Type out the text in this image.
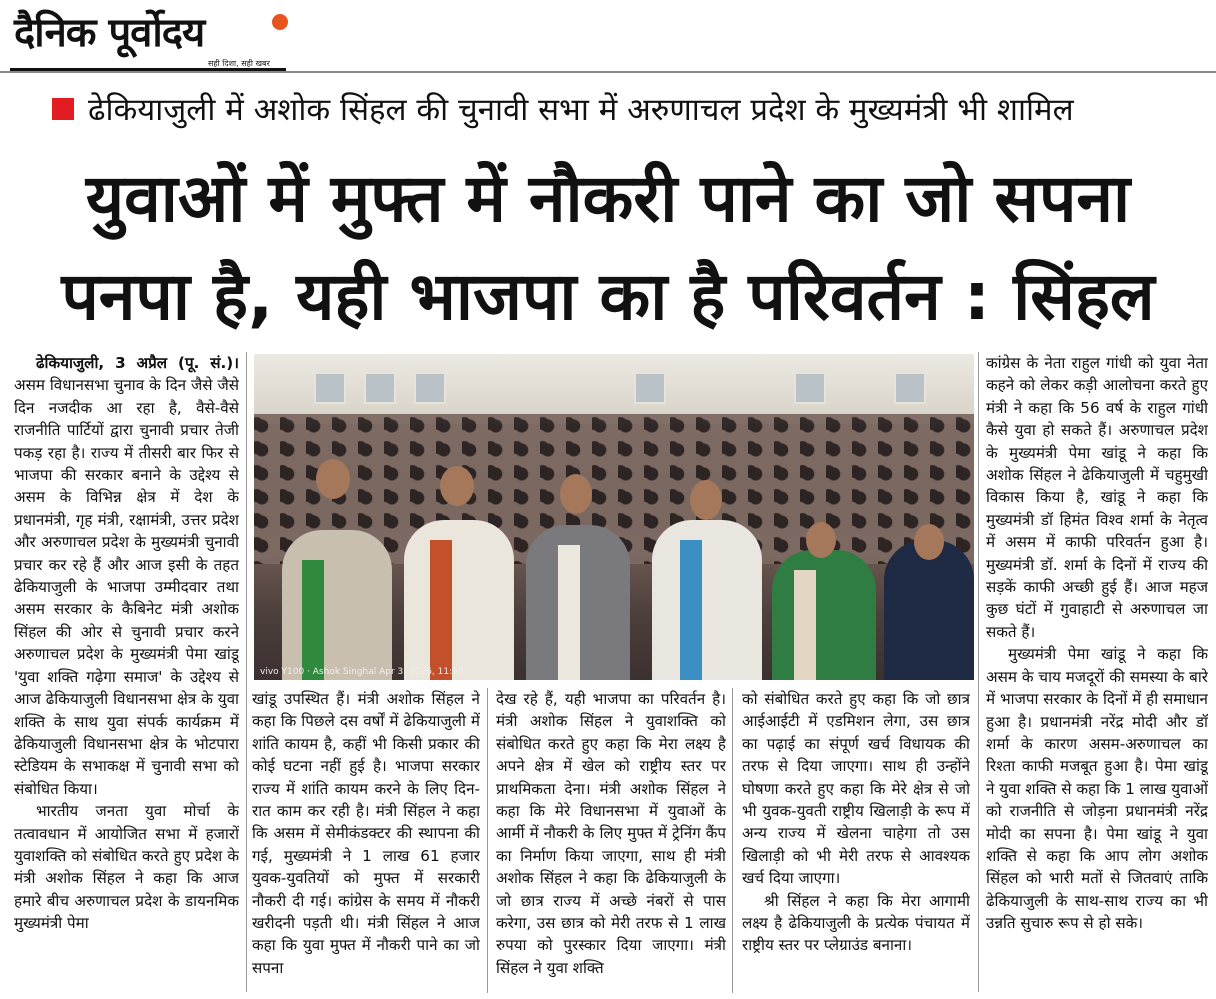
दैनिक पूर्वोदय
सही दिशा, सही खबर
ढेकियाजुली में अशोक सिंहल की चुनावी सभा में अरुणाचल प्रदेश के मुख्यमंत्री भी शामिल
युवाओं में मुफ्त में नौकरी पाने का जो सपना
पनपा है, यही भाजपा का है परिवर्तन : सिंहल

ढेकियाजुली, 3 अप्रैल (पू. सं.)। असम विधानसभा चुनाव के दिन जैसे जैसे दिन नजदीक आ रहा है, वैसे-वैसे राजनीति पार्टियों द्वारा चुनावी प्रचार तेजी पकड़ रहा है। राज्य में तीसरी बार फिर से भाजपा की सरकार बनाने के उद्देश्य से असम के विभिन्न क्षेत्र में देश के प्रधानमंत्री, गृह मंत्री, रक्षामंत्री, उत्तर प्रदेश और अरुणाचल प्रदेश के मुख्यमंत्री चुनावी प्रचार कर रहे हैं और आज इसी के तहत ढेकियाजुली के भाजपा उम्मीदवार तथा असम सरकार के कैबिनेट मंत्री अशोक सिंहल की ओर से चुनावी प्रचार करने अरुणाचल प्रदेश के मुख्यमंत्री पेमा खांडू 'युवा शक्ति गढ़ेगा समाज' के उद्देश्य से आज ढेकियाजुली विधानसभा क्षेत्र के युवा शक्ति के साथ युवा संपर्क कार्यक्रम में ढेकियाजुली विधानसभा क्षेत्र के भोटपारा स्टेडियम के सभाकक्ष में चुनावी सभा को संबोधित किया।

भारतीय जनता युवा मोर्चा के तत्वावधान में आयोजित सभा में हजारों युवाशक्ति को संबोधित करते हुए प्रदेश के मंत्री अशोक सिंहल ने कहा कि आज हमारे बीच अरुणाचल प्रदेश के डायनमिक मुख्यमंत्री पेमा

vivo Y100 · Ashok Singhal Apr 3, 2026, 11:58

खांडू उपस्थित हैं। मंत्री अशोक सिंहल ने कहा कि पिछले दस वर्षों में ढेकियाजुली में शांति कायम है, कहीं भी किसी प्रकार की कोई घटना नहीं हुई है। भाजपा सरकार राज्य में शांति कायम करने के लिए दिन-रात काम कर रही है। मंत्री सिंहल ने कहा कि असम में सेमीकंडक्टर की स्थापना की गई, मुख्यमंत्री ने 1 लाख 61 हजार युवक-युवतियों को मुफ्त में सरकारी नौकरी दी गई। कांग्रेस के समय में नौकरी खरीदनी पड़ती थी। मंत्री सिंहल ने आज कहा कि युवा मुफ्त में नौकरी पाने का जो सपना

देख रहे हैं, यही भाजपा का परिवर्तन है। मंत्री अशोक सिंहल ने युवाशक्ति को संबोधित करते हुए कहा कि मेरा लक्ष्य है अपने क्षेत्र में खेल को राष्ट्रीय स्तर पर प्राथमिकता देना। मंत्री अशोक सिंहल ने कहा कि मेरे विधानसभा में युवाओं के आर्मी में नौकरी के लिए मुफ्त में ट्रेनिंग कैंप का निर्माण किया जाएगा, साथ ही मंत्री अशोक सिंहल ने कहा कि ढेकियाजुली के जो छात्र राज्य में अच्छे नंबरों से पास करेगा, उस छात्र को मेरी तरफ से 1 लाख रुपया को पुरस्कार दिया जाएगा। मंत्री सिंहल ने युवा शक्ति

को संबोधित करते हुए कहा कि जो छात्र आईआईटी में एडमिशन लेगा, उस छात्र का पढ़ाई का संपूर्ण खर्च विधायक की तरफ से दिया जाएगा। साथ ही उन्होंने घोषणा करते हुए कहा कि मेरे क्षेत्र से जो भी युवक-युवती राष्ट्रीय खिलाड़ी के रूप में अन्य राज्य में खेलना चाहेगा तो उस खिलाड़ी को भी मेरी तरफ से आवश्यक खर्च दिया जाएगा।

श्री सिंहल ने कहा कि मेरा आगामी लक्ष्य है ढेकियाजुली के प्रत्येक पंचायत में राष्ट्रीय स्तर पर प्लेग्राउंड बनाना।

कांग्रेस के नेता राहुल गांधी को युवा नेता कहने को लेकर कड़ी आलोचना करते हुए मंत्री ने कहा कि 56 वर्ष के राहुल गांधी कैसे युवा हो सकते हैं। अरुणाचल प्रदेश के मुख्यमंत्री पेमा खांडू ने कहा कि अशोक सिंहल ने ढेकियाजुली में चहुमुखी विकास किया है, खांडू ने कहा कि मुख्यमंत्री डॉ हिमंत विश्व शर्मा के नेतृत्व में असम में काफी परिवर्तन हुआ है। मुख्यमंत्री डॉ. शर्मा के दिनों में राज्य की सड़कें काफी अच्छी हुई हैं। आज महज कुछ घंटों में गुवाहाटी से अरुणाचल जा सकते हैं।

मुख्यमंत्री पेमा खांडू ने कहा कि असम के चाय मजदूरों की समस्या के बारे में भाजपा सरकार के दिनों में ही समाधान हुआ है। प्रधानमंत्री नरेंद्र मोदी और डॉ शर्मा के कारण असम-अरुणाचल का रिश्ता काफी मजबूत हुआ है। पेमा खांडू ने युवा शक्ति से कहा कि 1 लाख युवाओं को राजनीति से जोड़ना प्रधानमंत्री नरेंद्र मोदी का सपना है। पेमा खांडू ने युवा शक्ति से कहा कि आप लोग अशोक सिंहल को भारी मतों से जितवाएं ताकि ढेकियाजुली के साथ-साथ राज्य का भी उन्नति सुचारु रूप से हो सके।
